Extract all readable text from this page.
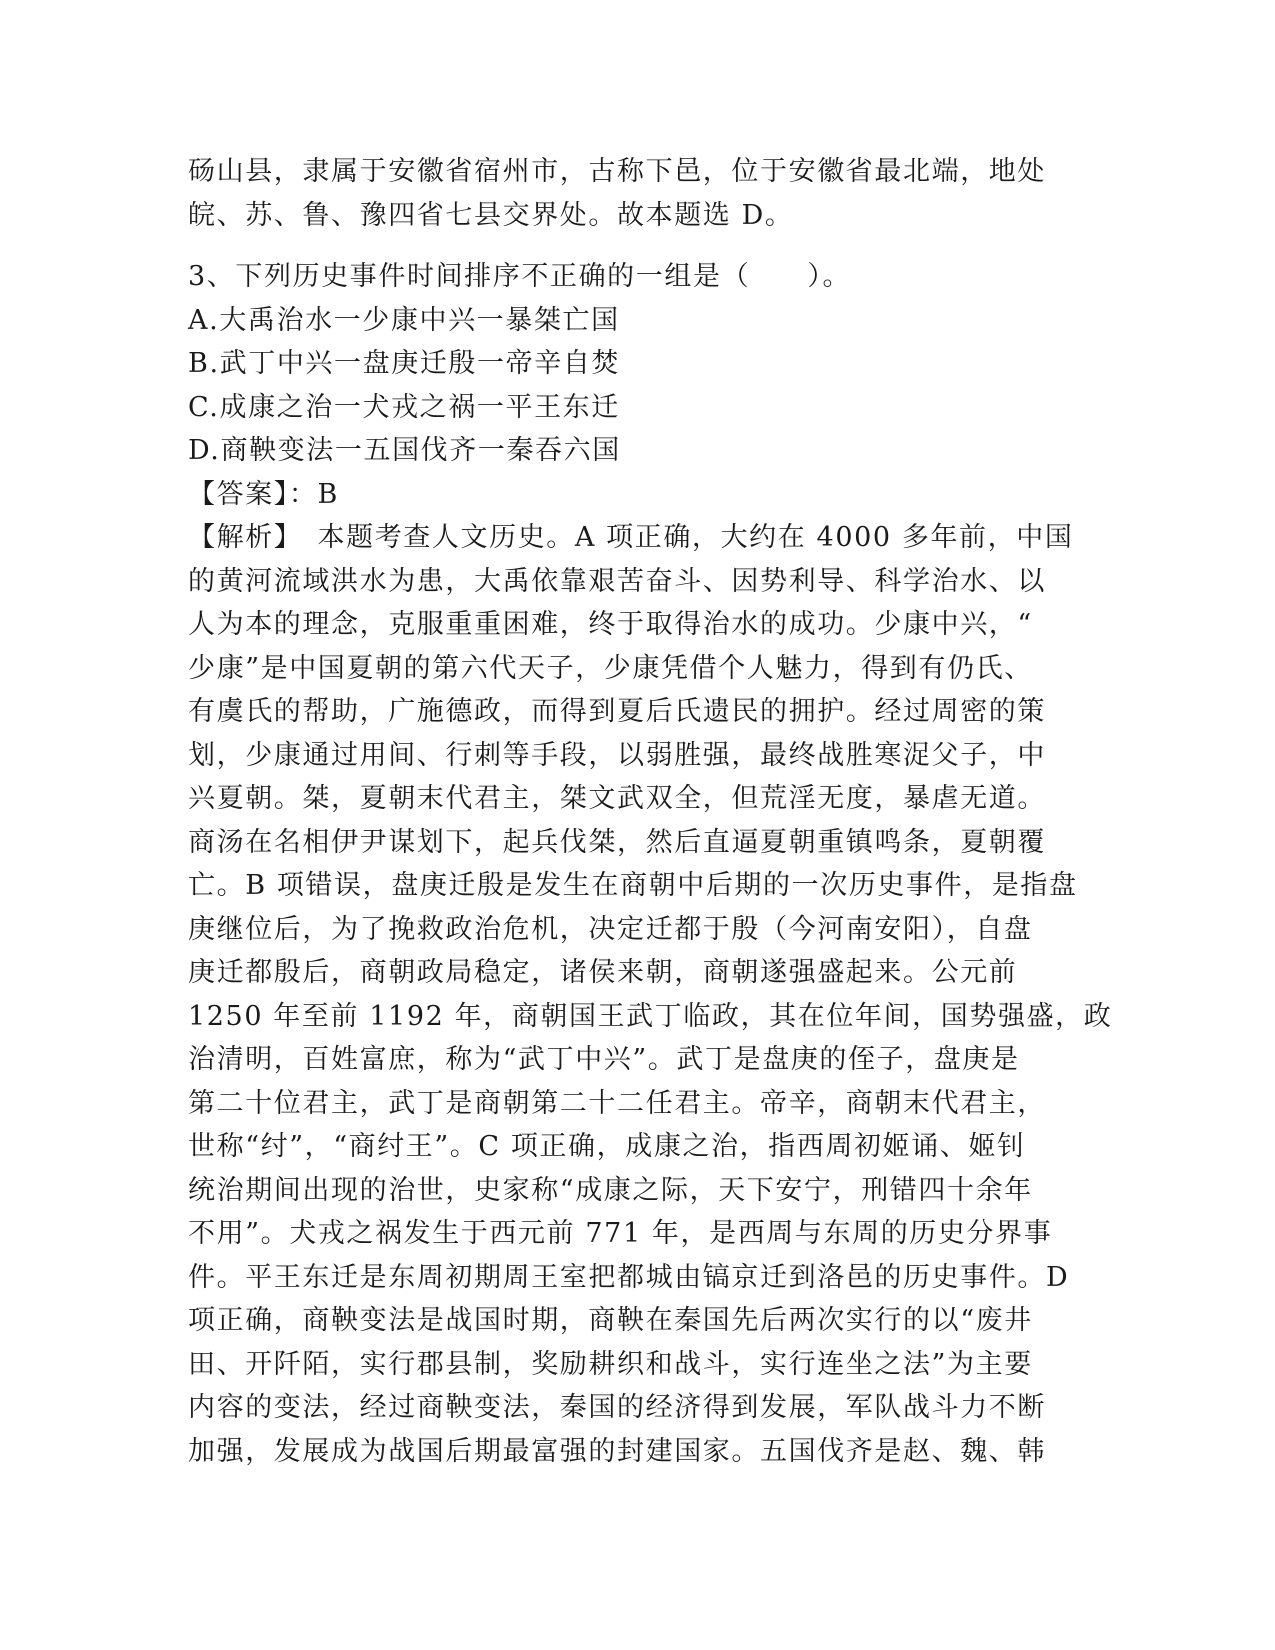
砀山县，隶属于安徽省宿州市，古称下邑，位于安徽省最北端，地处
皖、苏、鲁、豫四省七县交界处。故本题选 D。
3、下列历史事件时间排序不正确的一组是（　　）。
A.大禹治水一少康中兴一暴桀亡国
B.武丁中兴一盘庚迁殷一帝辛自焚
C.成康之治一犬戎之祸一平王东迁
D.商鞅变法一五国伐齐一秦吞六国
【答案】：B
【解析】　本题考查人文历史。A 项正确，大约在 4000 多年前，中国
的黄河流域洪水为患，大禹依靠艰苦奋斗、因势利导、科学治水、以
人为本的理念，克服重重困难，终于取得治水的成功。少康中兴，“
少康”是中国夏朝的第六代天子，少康凭借个人魅力，得到有仍氏、
有虞氏的帮助，广施德政，而得到夏后氏遗民的拥护。经过周密的策
划，少康通过用间、行刺等手段，以弱胜强，最终战胜寒浞父子，中
兴夏朝。桀，夏朝末代君主，桀文武双全，但荒淫无度，暴虐无道。
商汤在名相伊尹谋划下，起兵伐桀，然后直逼夏朝重镇鸣条，夏朝覆
亡。B 项错误，盘庚迁殷是发生在商朝中后期的一次历史事件，是指盘
庚继位后，为了挽救政治危机，决定迁都于殷（今河南安阳），自盘
庚迁都殷后，商朝政局稳定，诸侯来朝，商朝遂强盛起来。公元前
1250 年至前 1192 年，商朝国王武丁临政，其在位年间，国势强盛，政
治清明，百姓富庶，称为“武丁中兴”。武丁是盘庚的侄子，盘庚是
第二十位君主，武丁是商朝第二十二任君主。帝辛，商朝末代君主，
世称“纣”，“商纣王”。C 项正确，成康之治，指西周初姬诵、姬钊
统治期间出现的治世，史家称“成康之际，天下安宁，刑错四十余年
不用”。犬戎之祸发生于西元前 771 年，是西周与东周的历史分界事
件。平王东迁是东周初期周王室把都城由镐京迁到洛邑的历史事件。D
项正确，商鞅变法是战国时期，商鞅在秦国先后两次实行的以“废井
田、开阡陌，实行郡县制，奖励耕织和战斗，实行连坐之法”为主要
内容的变法，经过商鞅变法，秦国的经济得到发展，军队战斗力不断
加强，发展成为战国后期最富强的封建国家。五国伐齐是赵、魏、韩
